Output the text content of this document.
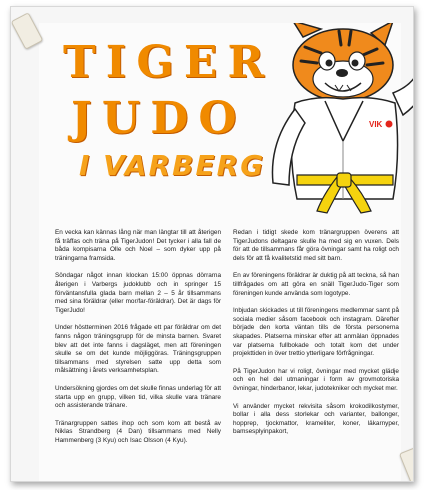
TIGER
JUDO
I VARBERG
VIK

En vecka kan kännas lång när man längtar till att återigen få träffas och träna på TigerJudon! Det tycker i alla fall de båda kompisarna Olle och Noel – som dyker upp på träningarna framsida.

Söndagar något innan klockan 15:00 öppnas dörrarna återigen i Varbergs judoklubb och in springer 15 förväntansfulla glada barn mellan 2 – 5 år tillsammans med sina föräldrar (eller mor/far-föräldrar). Det är dags för TigerJudo!

Under höstterminen 2016 frågade ett par föräldrar om det fanns någon träningsgrupp för de minsta barnen. Svaret blev att det inte fanns i dagsläget, men att föreningen skulle se om det kunde möjliggöras. Träningsgruppen tillsammans med styrelsen satte upp detta som målsättning i årets verksamhetsplan.

Undersökning gjordes om det skulle finnas underlag för att starta upp en grupp, vilken tid, vilka skulle vara tränare och assisterande tränare.

Tränargruppen sattes ihop och som kom att bestå av Niklas Strandberg (4 Dan) tillsammans med Nelly Hammenberg (3 Kyu) och Isac Olsson (4 Kyu).

Redan i tidigt skede kom tränargruppen överens att TigerJudons deltagare skulle ha med sig en vuxen. Dels för att de tillsammans får göra övningar samt ha roligt och dels för att få kvalitetstid med sitt barn.

En av föreningens föräldrar är duktig på att teckna, så han tillfrågades om att göra en snäll TigerJudo-Tiger som föreningen kunde använda som logotype.

Inbjudan skickades ut till föreningens medlemmar samt på sociala medier såsom facebook och instagram. Därefter började den korta väntan tills de första personerna skapades. Platserna minskar efter att anmälan öppnades var platserna fullbokade och totalt kom det under projekttiden in över trettio ytterligare förfrågningar.

På TigerJudon har vi roligt, övningar med mycket glädje och en hel del utmaningar i form av grovmotoriska övningar, hinderbanor, lekar, judotekniker och mycket mer.

Vi använder mycket rekvisita såsom krokodilkostymer, bollar i alla dess storlekar och varianter, ballonger, hopprep, tjockmattor, krameliter, koner, läkarnyper, bamsesplyinpakort,
